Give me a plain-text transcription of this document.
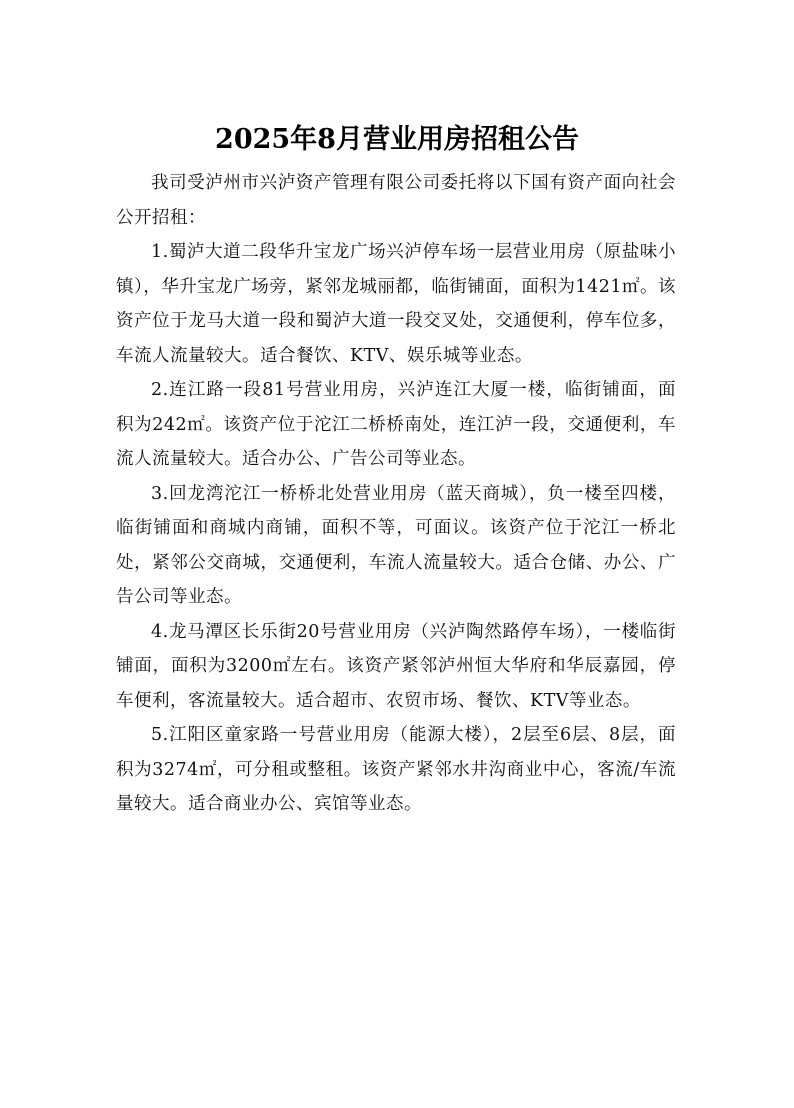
2025年8月营业用房招租公告

我司受泸州市兴泸资产管理有限公司委托将以下国有资产面向社会公开招租：

1.蜀泸大道二段华升宝龙广场兴泸停车场一层营业用房（原盐味小镇），华升宝龙广场旁，紧邻龙城丽都，临街铺面，面积为1421㎡。该资产位于龙马大道一段和蜀泸大道一段交叉处，交通便利，停车位多，车流人流量较大。适合餐饮、KTV、娱乐城等业态。

2.连江路一段81号营业用房，兴泸连江大厦一楼，临街铺面，面积为242㎡。该资产位于沱江二桥桥南处，连江泸一段，交通便利，车流人流量较大。适合办公、广告公司等业态。

3.回龙湾沱江一桥桥北处营业用房（蓝天商城），负一楼至四楼，临街铺面和商城内商铺，面积不等，可面议。该资产位于沱江一桥北处，紧邻公交商城，交通便利，车流人流量较大。适合仓储、办公、广告公司等业态。

4.龙马潭区长乐街20号营业用房（兴泸陶然路停车场），一楼临街铺面，面积为3200㎡左右。该资产紧邻泸州恒大华府和华辰嘉园，停车便利，客流量较大。适合超市、农贸市场、餐饮、KTV等业态。

5.江阳区童家路一号营业用房（能源大楼），2层至6层、8层，面积为3274㎡，可分租或整租。该资产紧邻水井沟商业中心，客流/车流量较大。适合商业办公、宾馆等业态。
